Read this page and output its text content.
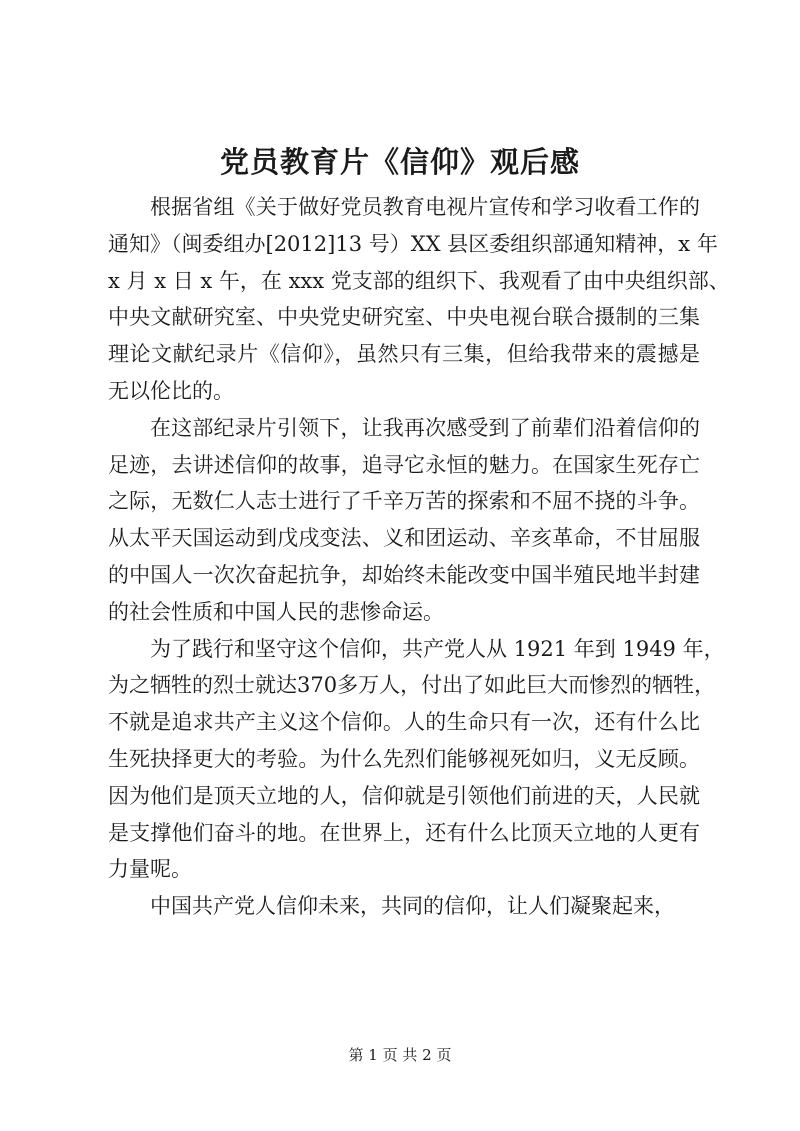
党员教育片《信仰》观后感
根据省组《关于做好党员教育电视片宣传和学习收看工作的
通知》（闽委组办[2012]13 号）XX 县区委组织部通知精神，x 年
x 月 x 日 x 午，在 xxx 党支部的组织下、我观看了由中央组织部、
中央文献研究室、中央党史研究室、中央电视台联合摄制的三集
理论文献纪录片《信仰》，虽然只有三集，但给我带来的震撼是
无以伦比的。
在这部纪录片引领下，让我再次感受到了前辈们沿着信仰的
足迹，去讲述信仰的故事，追寻它永恒的魅力。在国家生死存亡
之际，无数仁人志士进行了千辛万苦的探索和不屈不挠的斗争。
从太平天国运动到戊戌变法、义和团运动、辛亥革命，不甘屈服
的中国人一次次奋起抗争，却始终未能改变中国半殖民地半封建
的社会性质和中国人民的悲惨命运。
为了践行和坚守这个信仰，共产党人从 1921 年到 1949 年，
为之牺牲的烈士就达370多万人，付出了如此巨大而惨烈的牺牲，
不就是追求共产主义这个信仰。人的生命只有一次，还有什么比
生死抉择更大的考验。为什么先烈们能够视死如归，义无反顾。
因为他们是顶天立地的人，信仰就是引领他们前进的天，人民就
是支撑他们奋斗的地。在世界上，还有什么比顶天立地的人更有
力量呢。
中国共产党人信仰未来，共同的信仰，让人们凝聚起来，
第 1 页 共 2 页
